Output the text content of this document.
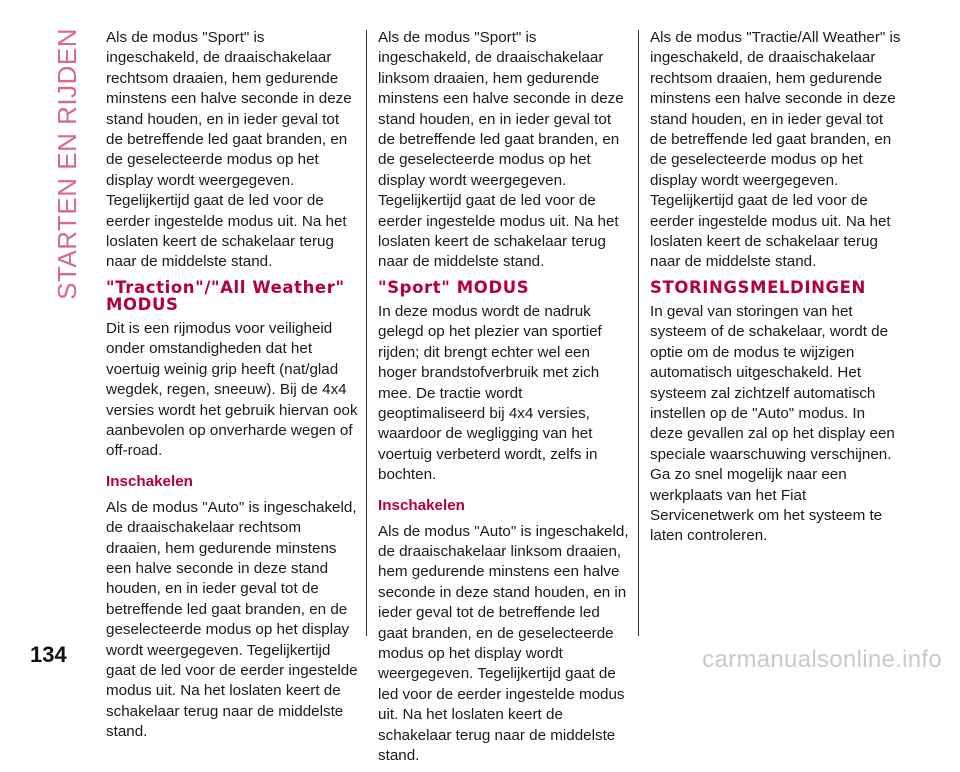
STARTEN EN RIJDEN Als de modus "Sport" is ingeschakeld, de draaischakelaar rechtsom draaien, hem gedurende minstens een halve seconde in deze stand houden, en in ieder geval tot de betreffende led gaat branden, en de geselecteerde modus op het display wordt weergegeven. Tegelijkertijd gaat de led voor de eerder ingestelde modus uit. Na het loslaten keert de schakelaar terug naar de middelste stand.

"Traction"/"All Weather" MODUS

Dit is een rijmodus voor veiligheid onder omstandigheden dat het voertuig weinig grip heeft (nat/glad wegdek, regen, sneeuw). Bij de 4x4 versies wordt het gebruik hiervan ook aanbevolen op onverharde wegen of off-road.

Inschakelen

Als de modus "Auto" is ingeschakeld, de draaischakelaar rechtsom draaien, hem gedurende minstens een halve seconde in deze stand houden, en in ieder geval tot de betreffende led gaat branden, en de geselecteerde modus op het display wordt weergegeven. Tegelijkertijd gaat de led voor de eerder ingestelde modus uit. Na het loslaten keert de schakelaar terug naar de middelste stand.

Als de modus "Sport" is ingeschakeld, de draaischakelaar linksom draaien, hem gedurende minstens een halve seconde in deze stand houden, en in ieder geval tot de betreffende led gaat branden, en de geselecteerde modus op het display wordt weergegeven. Tegelijkertijd gaat de led voor de eerder ingestelde modus uit. Na het loslaten keert de schakelaar terug naar de middelste stand.

"Sport" MODUS

In deze modus wordt de nadruk gelegd op het plezier van sportief rijden; dit brengt echter wel een hoger brandstofverbruik met zich mee. De tractie wordt geoptimaliseerd bij 4x4 versies, waardoor de wegligging van het voertuig verbeterd wordt, zelfs in bochten.

Inschakelen

Als de modus "Auto" is ingeschakeld, de draaischakelaar linksom draaien, hem gedurende minstens een halve seconde in deze stand houden, en in ieder geval tot de betreffende led gaat branden, en de geselecteerde modus op het display wordt weergegeven. Tegelijkertijd gaat de led voor de eerder ingestelde modus uit. Na het loslaten keert de schakelaar terug naar de middelste stand.

Als de modus "Tractie/All Weather" is ingeschakeld, de draaischakelaar rechtsom draaien, hem gedurende minstens een halve seconde in deze stand houden, en in ieder geval tot de betreffende led gaat branden, en de geselecteerde modus op het display wordt weergegeven. Tegelijkertijd gaat de led voor de eerder ingestelde modus uit. Na het loslaten keert de schakelaar terug naar de middelste stand.

STORINGSMELDINGEN

In geval van storingen van het systeem of de schakelaar, wordt de optie om de modus te wijzigen automatisch uitgeschakeld. Het systeem zal zichtzelf automatisch instellen op de "Auto" modus. In deze gevallen zal op het display een speciale waarschuwing verschijnen. Ga zo snel mogelijk naar een werkplaats van het Fiat Servicenetwerk om het systeem te laten controleren.

134	carmanualsonline.info
